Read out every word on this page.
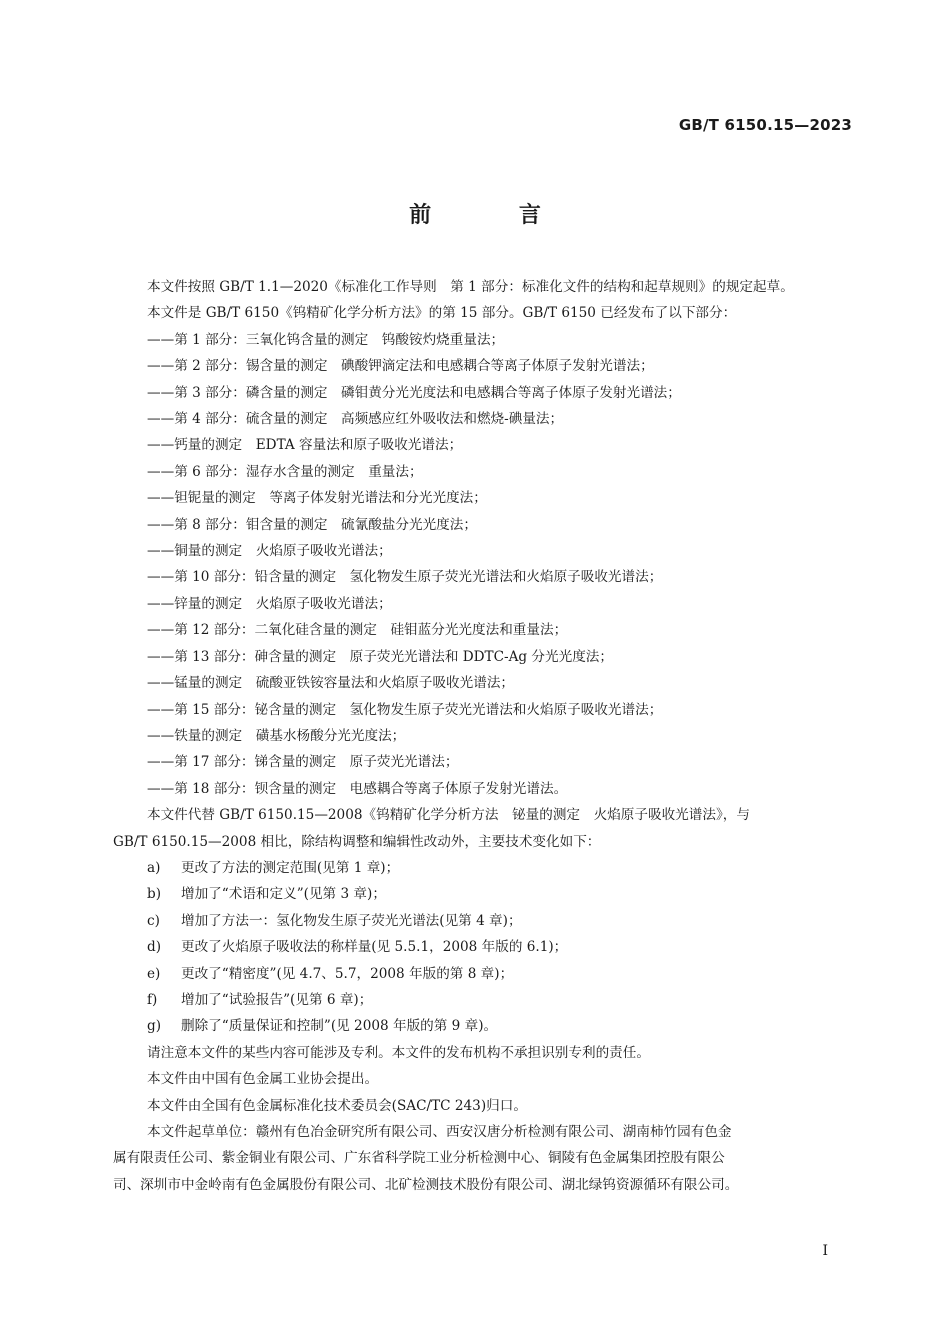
GB/T 6150.15—2023
前 言

本文件按照 GB/T 1.1—2020《标准化工作导则　第 1 部分：标准化文件的结构和起草规则》的规定起草。

本文件是 GB/T 6150《钨精矿化学分析方法》的第 15 部分。GB/T 6150 已经发布了以下部分：

——第 1 部分：三氧化钨含量的测定　钨酸铵灼烧重量法；

——第 2 部分：锡含量的测定　碘酸钾滴定法和电感耦合等离子体原子发射光谱法；

——第 3 部分：磷含量的测定　磷钼黄分光光度法和电感耦合等离子体原子发射光谱法；

——第 4 部分：硫含量的测定　高频感应红外吸收法和燃烧-碘量法；

——钙量的测定　EDTA 容量法和原子吸收光谱法；

——第 6 部分：湿存水含量的测定　重量法；

——钽铌量的测定　等离子体发射光谱法和分光光度法；

——第 8 部分：钼含量的测定　硫氰酸盐分光光度法；

——铜量的测定　火焰原子吸收光谱法；

——第 10 部分：铅含量的测定　氢化物发生原子荧光光谱法和火焰原子吸收光谱法；

——锌量的测定　火焰原子吸收光谱法；

——第 12 部分：二氧化硅含量的测定　硅钼蓝分光光度法和重量法；

——第 13 部分：砷含量的测定　原子荧光光谱法和 DDTC-Ag 分光光度法；

——锰量的测定　硫酸亚铁铵容量法和火焰原子吸收光谱法；

——第 15 部分：铋含量的测定　氢化物发生原子荧光光谱法和火焰原子吸收光谱法；

——铁量的测定　磺基水杨酸分光光度法；

——第 17 部分：锑含量的测定　原子荧光光谱法；

——第 18 部分：钡含量的测定　电感耦合等离子体原子发射光谱法。

本文件代替 GB/T 6150.15—2008《钨精矿化学分析方法　铋量的测定　火焰原子吸收光谱法》，与

GB/T 6150.15—2008 相比，除结构调整和编辑性改动外，主要技术变化如下：

a) 更改了方法的测定范围(见第 1 章)；

b) 增加了“术语和定义”(见第 3 章)；

c) 增加了方法一：氢化物发生原子荧光光谱法(见第 4 章)；

d) 更改了火焰原子吸收法的称样量(见 5.5.1，2008 年版的 6.1)；

e) 更改了“精密度”(见 4.7、5.7，2008 年版的第 8 章)；

f) 增加了“试验报告”(见第 6 章)；

g) 删除了“质量保证和控制”(见 2008 年版的第 9 章)。

请注意本文件的某些内容可能涉及专利。本文件的发布机构不承担识别专利的责任。

本文件由中国有色金属工业协会提出。

本文件由全国有色金属标准化技术委员会(SAC/TC 243)归口。

本文件起草单位：赣州有色冶金研究所有限公司、西安汉唐分析检测有限公司、湖南柿竹园有色金

属有限责任公司、紫金铜业有限公司、广东省科学院工业分析检测中心、铜陵有色金属集团控股有限公

司、深圳市中金岭南有色金属股份有限公司、北矿检测技术股份有限公司、湖北绿钨资源循环有限公司。

I
